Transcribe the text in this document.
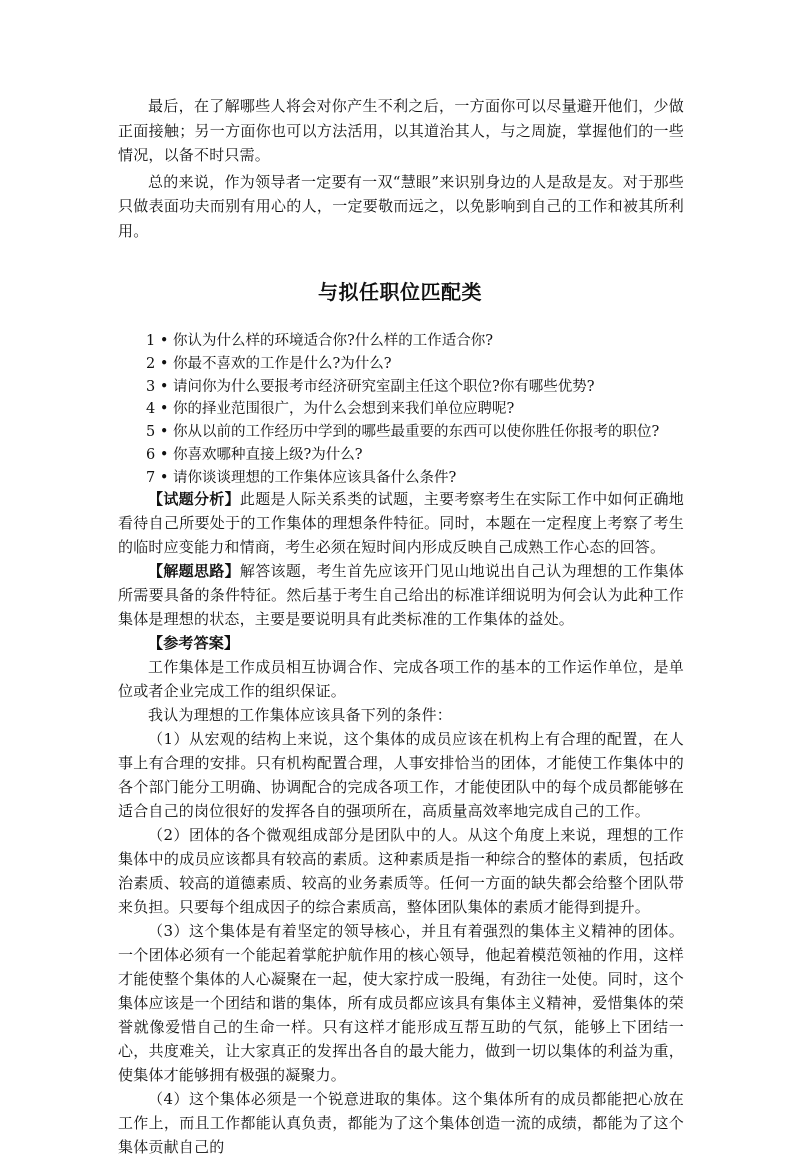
最后，在了解哪些人将会对你产生不利之后，一方面你可以尽量避开他们，少做正面接触；另一方面你也可以方法活用，以其道治其人，与之周旋，掌握他们的一些情况，以备不时只需。

总的来说，作为领导者一定要有一双“慧眼”来识别身边的人是敌是友。对于那些只做表面功夫而别有用心的人，一定要敬而远之，以免影响到自己的工作和被其所利用。

与拟任职位匹配类
1 • 你认为什么样的环境适合你?什么样的工作适合你?
2 • 你最不喜欢的工作是什么?为什么?
3 • 请问你为什么要报考市经济研究室副主任这个职位?你有哪些优势?
4 • 你的择业范围很广，为什么会想到来我们单位应聘呢?
5 • 你从以前的工作经历中学到的哪些最重要的东西可以使你胜任你报考的职位?
6 • 你喜欢哪种直接上级?为什么?
7 • 请你谈谈理想的工作集体应该具备什么条件?

【试题分析】此题是人际关系类的试题，主要考察考生在实际工作中如何正确地看待自己所要处于的工作集体的理想条件特征。同时，本题在一定程度上考察了考生的临时应变能力和情商，考生必须在短时间内形成反映自己成熟工作心态的回答。

【解题思路】解答该题，考生首先应该开门见山地说出自己认为理想的工作集体所需要具备的条件特征。然后基于考生自己给出的标准详细说明为何会认为此种工作集体是理想的状态，主要是要说明具有此类标准的工作集体的益处。

【参考答案】

工作集体是工作成员相互协调合作、完成各项工作的基本的工作运作单位，是单位或者企业完成工作的组织保证。

我认为理想的工作集体应该具备下列的条件：

（1）从宏观的结构上来说，这个集体的成员应该在机构上有合理的配置，在人事上有合理的安排。只有机构配置合理，人事安排恰当的团体，才能使工作集体中的各个部门能分工明确、协调配合的完成各项工作，才能使团队中的每个成员都能够在适合自己的岗位很好的发挥各自的强项所在，高质量高效率地完成自己的工作。

（2）团体的各个微观组成部分是团队中的人。从这个角度上来说，理想的工作集体中的成员应该都具有较高的素质。这种素质是指一种综合的整体的素质，包括政治素质、较高的道德素质、较高的业务素质等。任何一方面的缺失都会给整个团队带来负担。只要每个组成因子的综合素质高，整体团队集体的素质才能得到提升。

（3）这个集体是有着坚定的领导核心，并且有着强烈的集体主义精神的团体。一个团体必须有一个能起着掌舵护航作用的核心领导，他起着模范领袖的作用，这样才能使整个集体的人心凝聚在一起，使大家拧成一股绳，有劲往一处使。同时，这个集体应该是一个团结和谐的集体，所有成员都应该具有集体主义精神，爱惜集体的荣誉就像爱惜自己的生命一样。只有这样才能形成互帮互助的气氛，能够上下团结一心，共度难关，让大家真正的发挥出各自的最大能力，做到一切以集体的利益为重，使集体才能够拥有极强的凝聚力。

（4）这个集体必须是一个锐意进取的集体。这个集体所有的成员都能把心放在工作上，而且工作都能认真负责，都能为了这个集体创造一流的成绩，都能为了这个集体贡献自己的
